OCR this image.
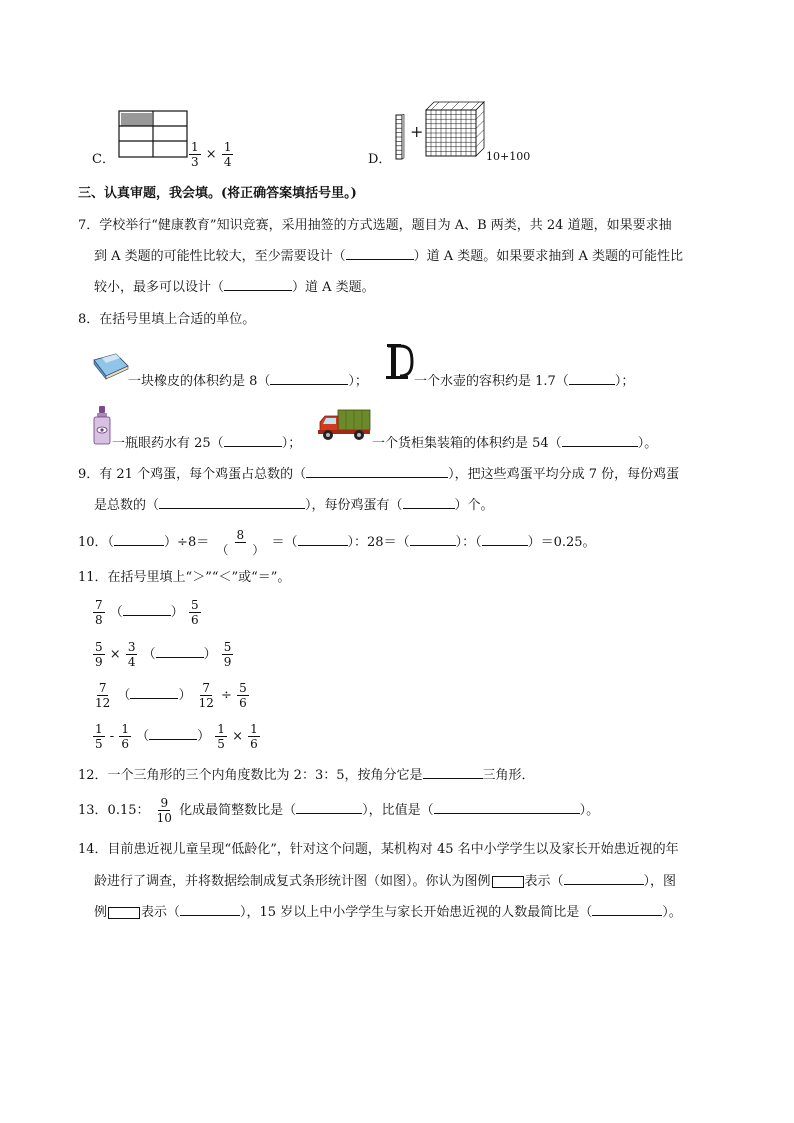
C．	$\frac{1}{3} \times \frac{1}{4}$	D．
+
10+100
三、认真审题，我会填。(将正确答案填括号里。)
7．学校举行“健康教育”知识竞赛，采用抽签的方式选题，题目为 A、B 两类，共 24 道题，如果要求抽
到 A 类题的可能性比较大，至少需要设计（	）道 A 类题。如果要求抽到 A 类题的可能性比
较小，最多可以设计（	）道 A 类题。
8．在括号里填上合适的单位。
一块橡皮的体积约是 8（	）；	一个水壶的容积约是 1.7（	）；
一瓶眼药水有 25（	）；	一个货柜集装箱的体积约是 54（	）。
9．有 21 个鸡蛋，每个鸡蛋占总数的（	），把这些鸡蛋平均分成 7 份，每份鸡蛋
是总数的（	），每份鸡蛋有（	）个。
10．（	）$\div 8= \frac{8}{( )}$ ＝（	）：28＝（	）：（	）＝0.25。
11．在括号里填上“＞”“＜”或“＝”。
$\frac{7}{8}$ （	） $\frac{5}{6}$
$\frac{5}{9} \times \frac{3}{4}$ （	） $\frac{5}{9}$
$\frac{7}{12}$ （	） $\frac{7}{12} \div \frac{5}{6}$
$\frac{1}{5} - \frac{1}{6}$ （	） $\frac{1}{5} \times \frac{1}{6}$
12．一个三角形的三个内角度数比为 2：3：5，按角分它是	三角形．
13．0.15： $\frac{9}{10}$ 化成最简整数比是（	），比值是（	）。
14．目前患近视儿童呈现“低龄化”，针对这个问题，某机构对 45 名中小学学生以及家长开始患近视的年
龄进行了调查，并将数据绘制成复式条形统计图（如图）。你认为图例	表示（	），图
例	表示（	），15 岁以上中小学学生与家长开始患近视的人数最简比是（	）。
